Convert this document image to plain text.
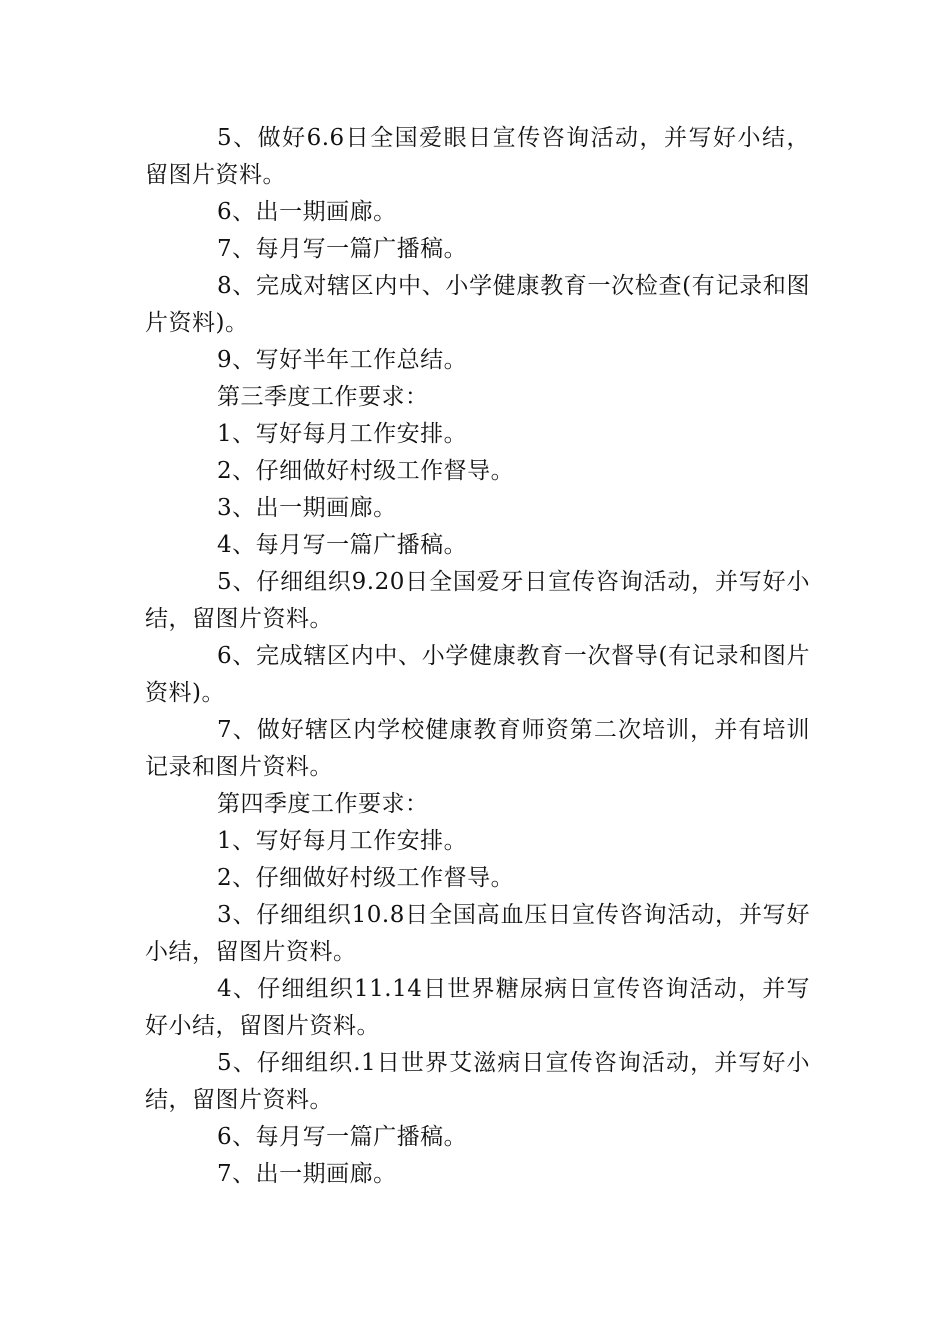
5、做好6.6日全国爱眼日宣传咨询活动，并写好小结，留图片资料。

6、出一期画廊。

7、每月写一篇广播稿。

8、完成对辖区内中、小学健康教育一次检查(有记录和图片资料)。

9、写好半年工作总结。

第三季度工作要求：

1、写好每月工作安排。

2、仔细做好村级工作督导。

3、出一期画廊。

4、每月写一篇广播稿。

5、仔细组织9.20日全国爱牙日宣传咨询活动，并写好小结，留图片资料。

6、完成辖区内中、小学健康教育一次督导(有记录和图片资料)。

7、做好辖区内学校健康教育师资第二次培训，并有培训记录和图片资料。

第四季度工作要求：

1、写好每月工作安排。

2、仔细做好村级工作督导。

3、仔细组织10.8日全国高血压日宣传咨询活动，并写好小结，留图片资料。

4、仔细组织11.14日世界糖尿病日宣传咨询活动，并写好小结，留图片资料。

5、仔细组织.1日世界艾滋病日宣传咨询活动，并写好小结，留图片资料。

6、每月写一篇广播稿。

7、出一期画廊。
